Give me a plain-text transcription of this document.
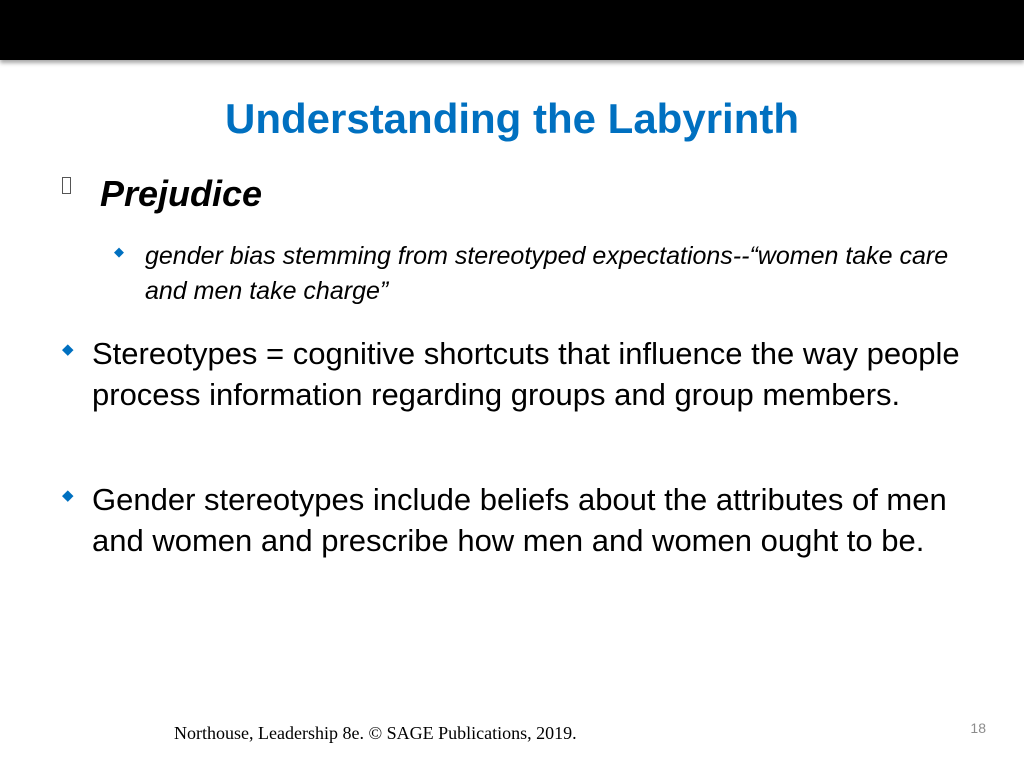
Understanding the Labyrinth

Prejudice

◆ gender bias stemming from stereotyped expectations--“women take care and men take charge”

◆ Stereotypes = cognitive shortcuts that influence the way people process information regarding groups and group members.

◆ Gender stereotypes include beliefs about the attributes of men and women and prescribe how men and women ought to be.

Northouse, Leadership 8e. © SAGE Publications, 2019.	18
